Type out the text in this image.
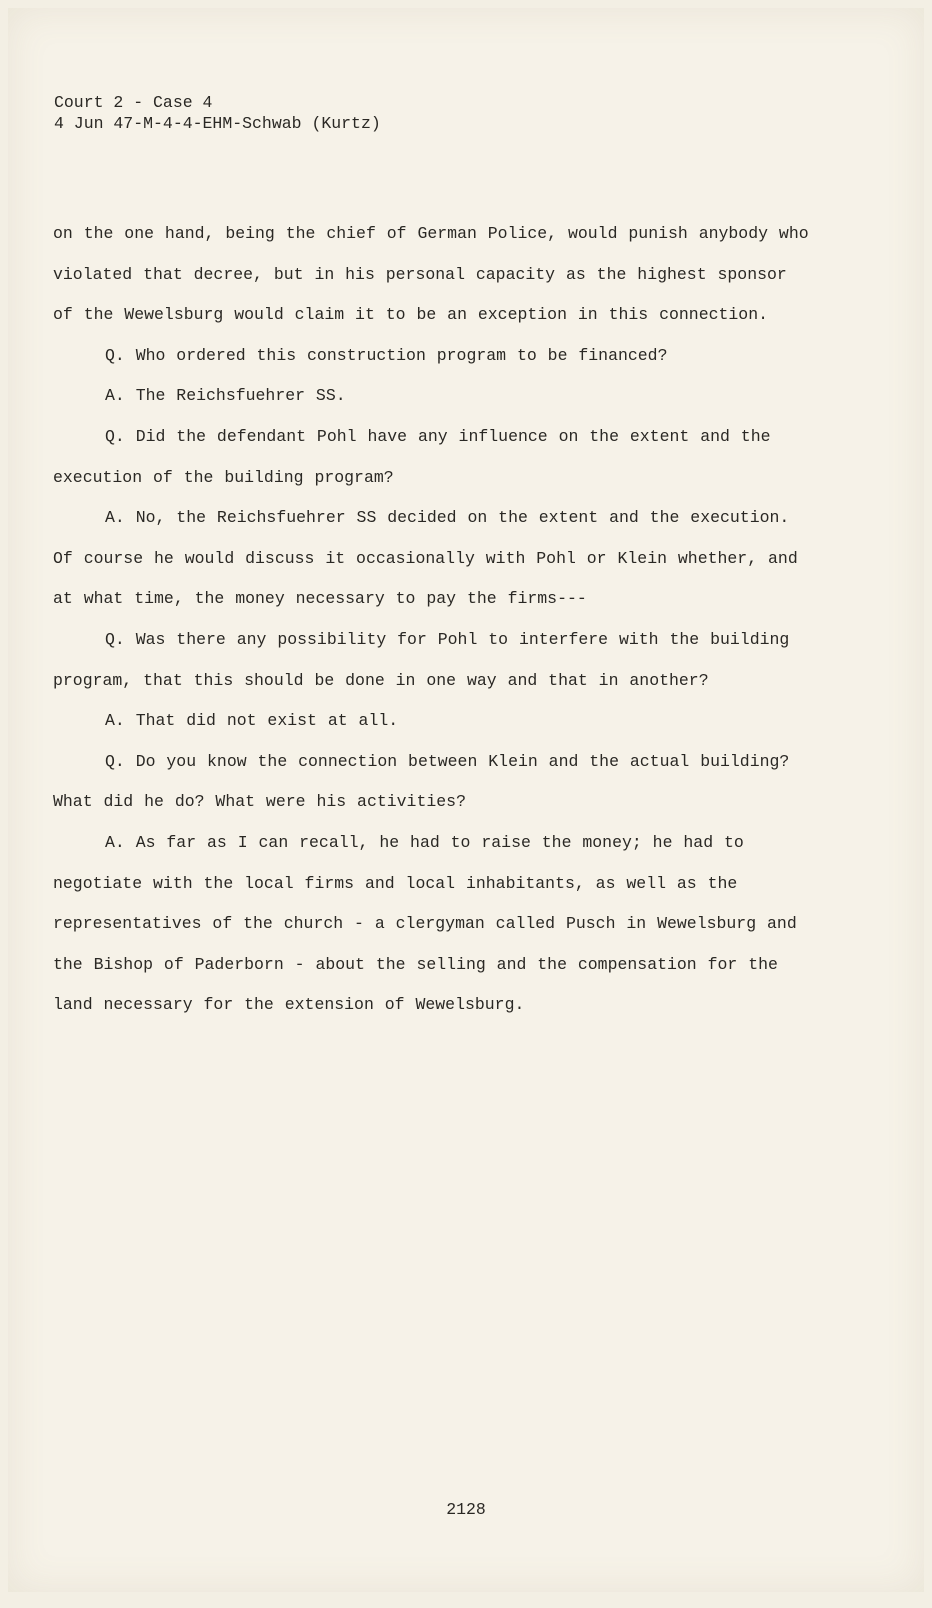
Court 2 - Case 4
4 Jun 47-M-4-4-EHM-Schwab (Kurtz)

on the one hand, being the chief of German Police, would punish anybody who violated that decree, but in his personal capacity as the highest sponsor of the Wewelsburg would claim it to be an exception in this connection.

Q. Who ordered this construction program to be financed?

A. The Reichsfuehrer SS.

Q. Did the defendant Pohl have any influence on the extent and the execution of the building program?

A. No, the Reichsfuehrer SS decided on the extent and the execution. Of course he would discuss it occasionally with Pohl or Klein whether, and at what time, the money necessary to pay the firms---

Q. Was there any possibility for Pohl to interfere with the building program, that this should be done in one way and that in another?

A. That did not exist at all.

Q. Do you know the connection between Klein and the actual building? What did he do? What were his activities?

A. As far as I can recall, he had to raise the money; he had to negotiate with the local firms and local inhabitants, as well as the representatives of the church - a clergyman called Pusch in Wewelsburg and the Bishop of Paderborn - about the selling and the compensation for the land necessary for the extension of Wewelsburg.

2128
